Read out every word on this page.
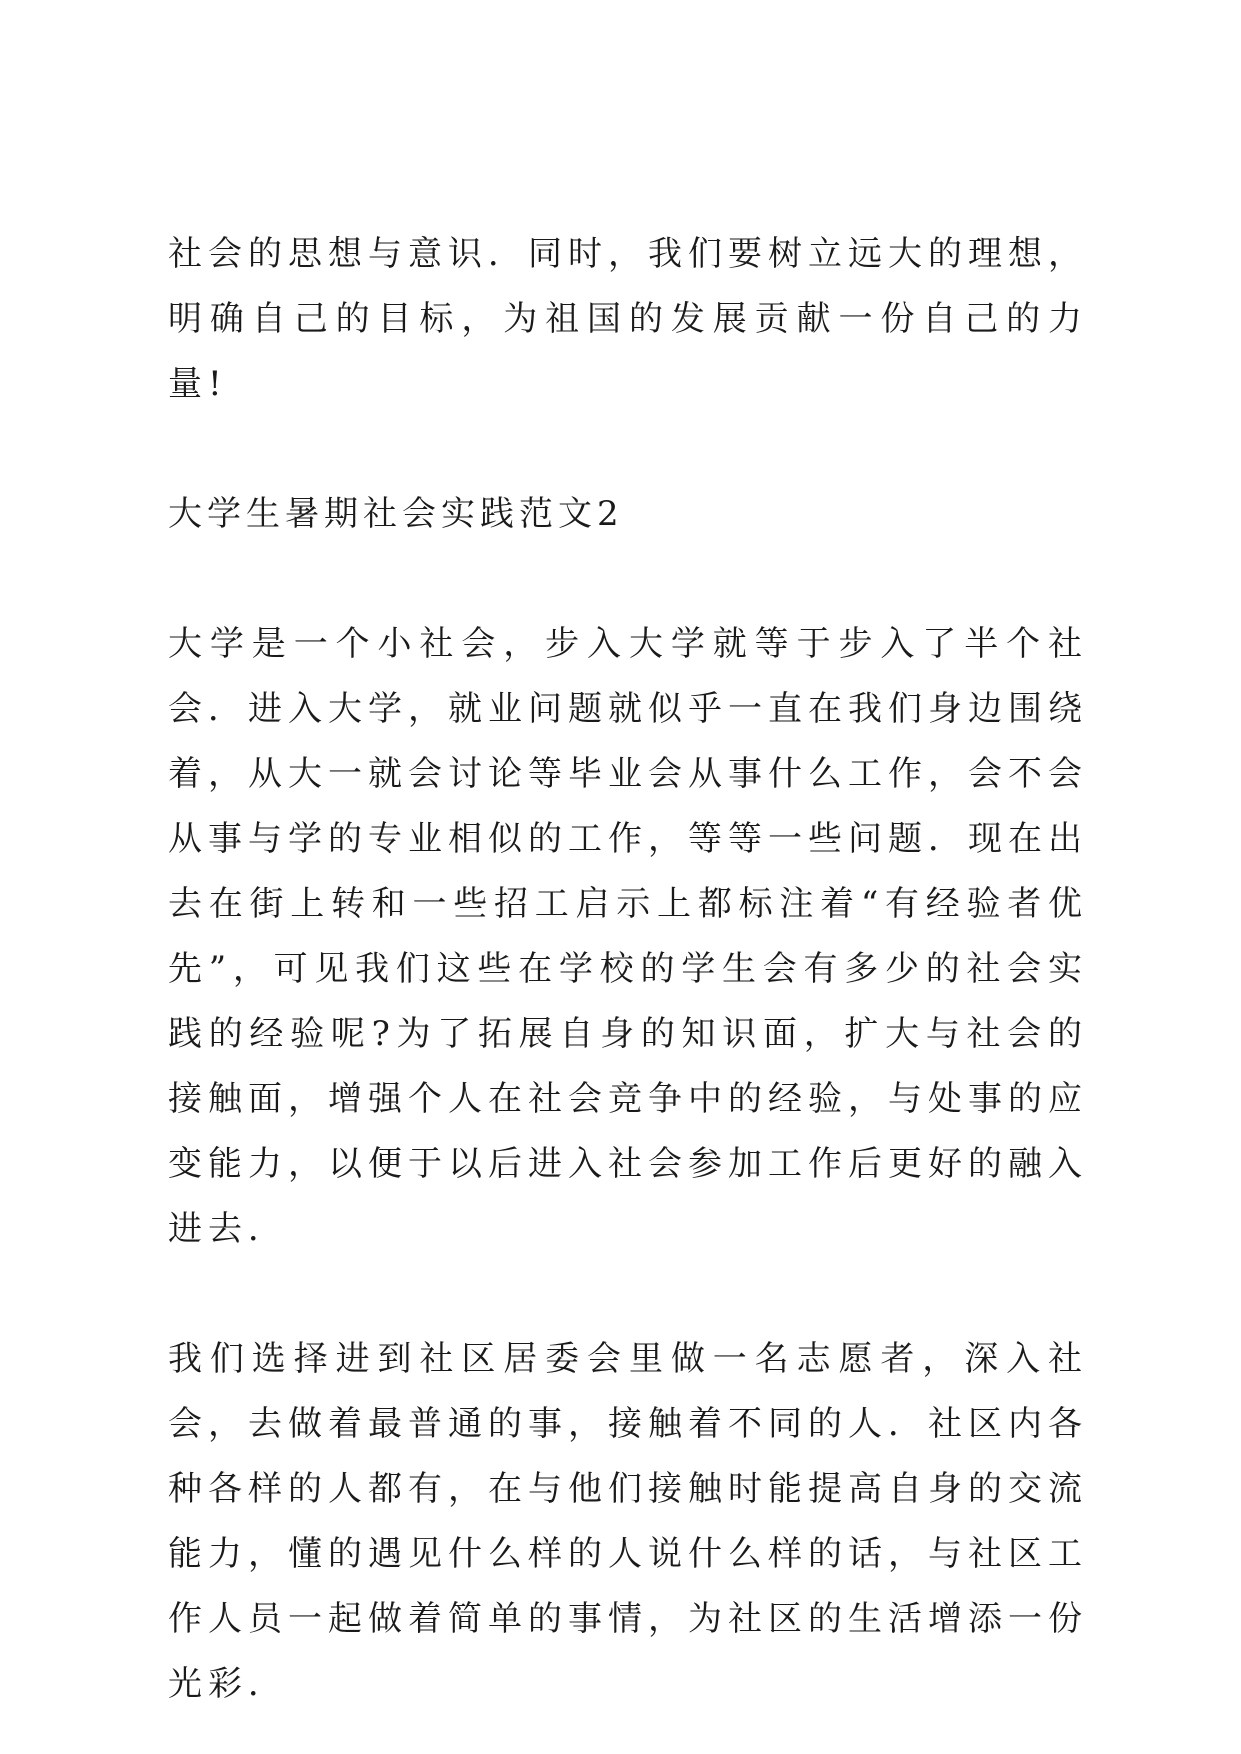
社会的思想与意识．同时，我们要树立远大的理想，明确自己的目标，为祖国的发展贡献一份自己的力量!

大学生暑期社会实践范文2

大学是一个小社会，步入大学就等于步入了半个社会．进入大学，就业问题就似乎一直在我们身边围绕着，从大一就会讨论等毕业会从事什么工作，会不会从事与学的专业相似的工作，等等一些问题．现在出去在街上转和一些招工启示上都标注着“有经验者优先”，可见我们这些在学校的学生会有多少的社会实践的经验呢?为了拓展自身的知识面，扩大与社会的接触面，增强个人在社会竞争中的经验，与处事的应变能力，以便于以后进入社会参加工作后更好的融入进去．

我们选择进到社区居委会里做一名志愿者，深入社会，去做着最普通的事，接触着不同的人．社区内各种各样的人都有，在与他们接触时能提高自身的交流能力，懂的遇见什么样的人说什么样的话，与社区工作人员一起做着简单的事情，为社区的生活增添一份光彩．
